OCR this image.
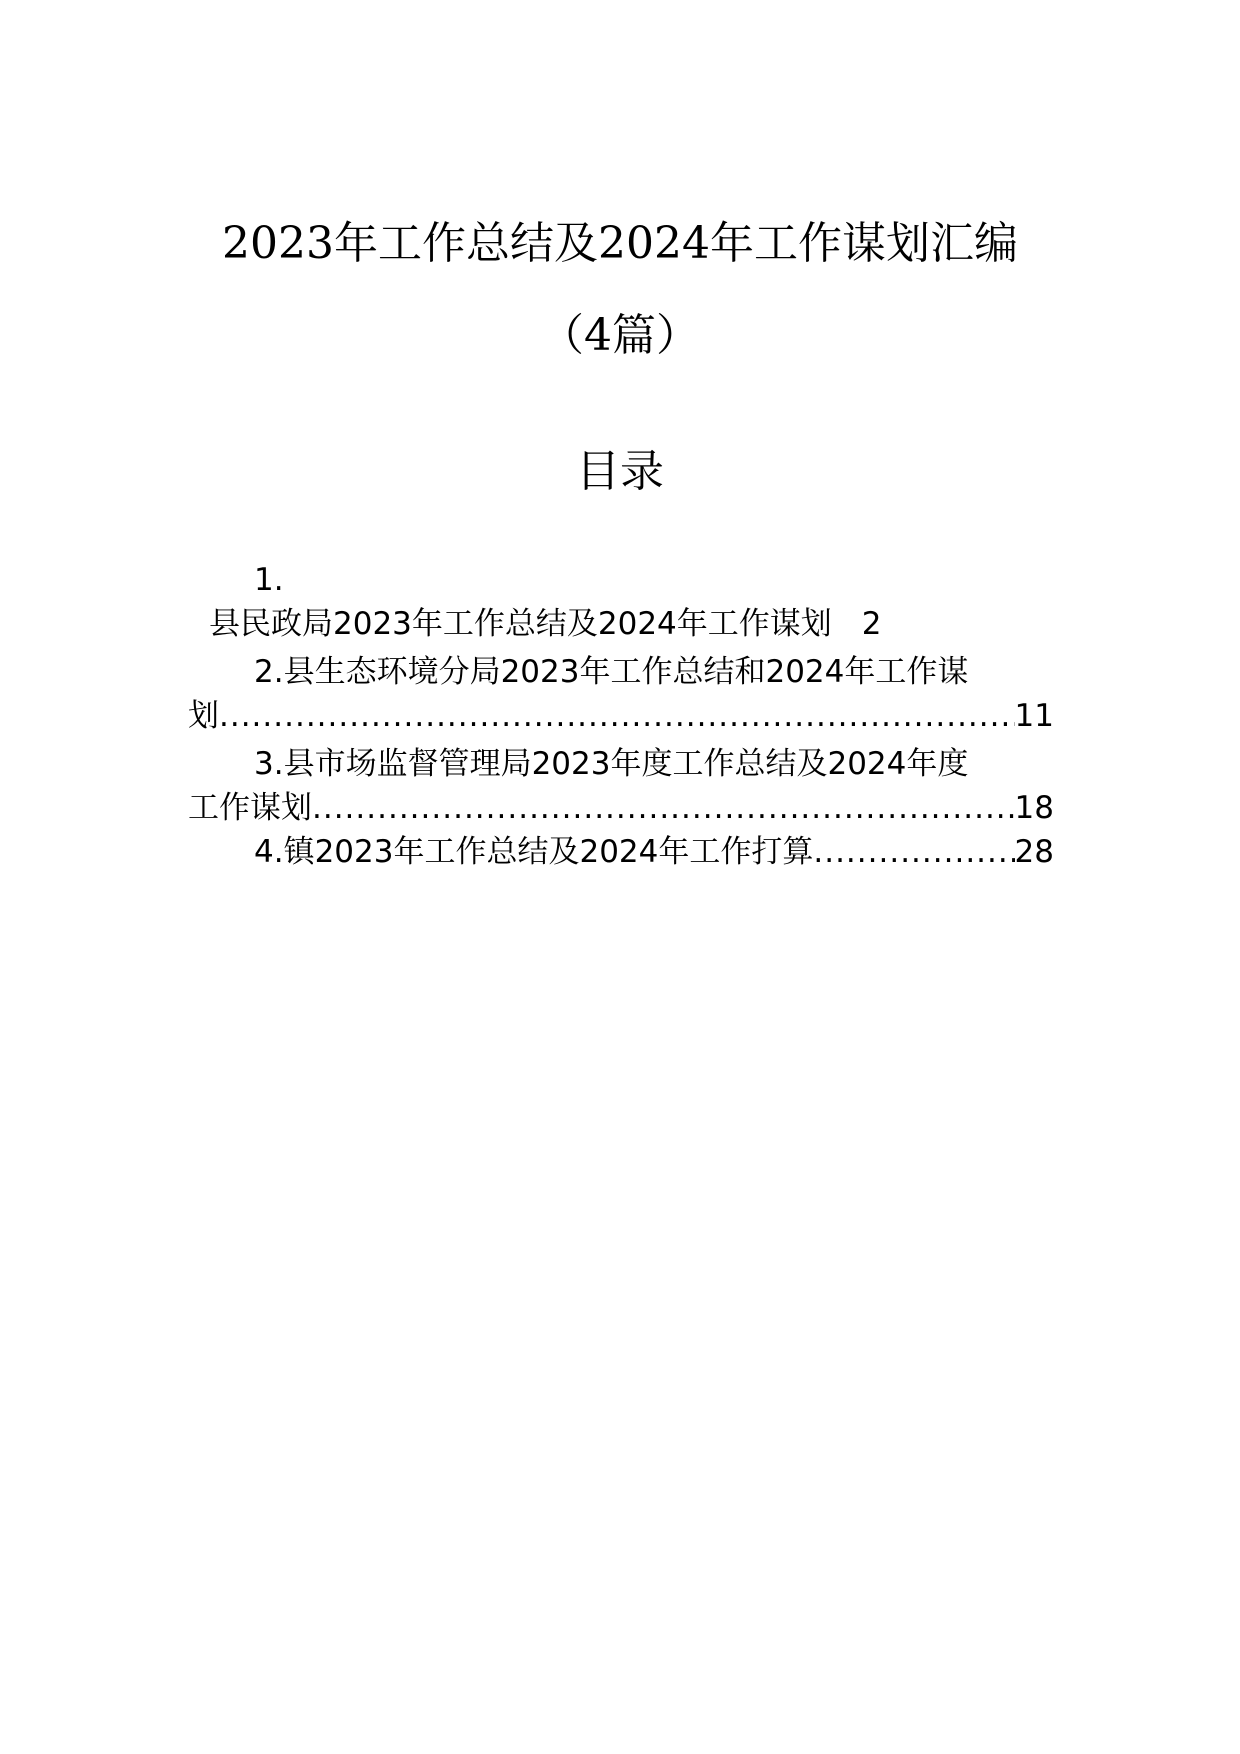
2023年工作总结及2024年工作谋划汇编
（4篇）
目录
1.
县民政局2023年工作总结及2024年工作谋划 2
2.县生态环境分局2023年工作总结和2024年工作谋
划 .....	11
3.县市场监督管理局2023年度工作总结及2024年度
工作谋划 .....	18
4.镇2023年工作总结及2024年工作打算 .....	28
